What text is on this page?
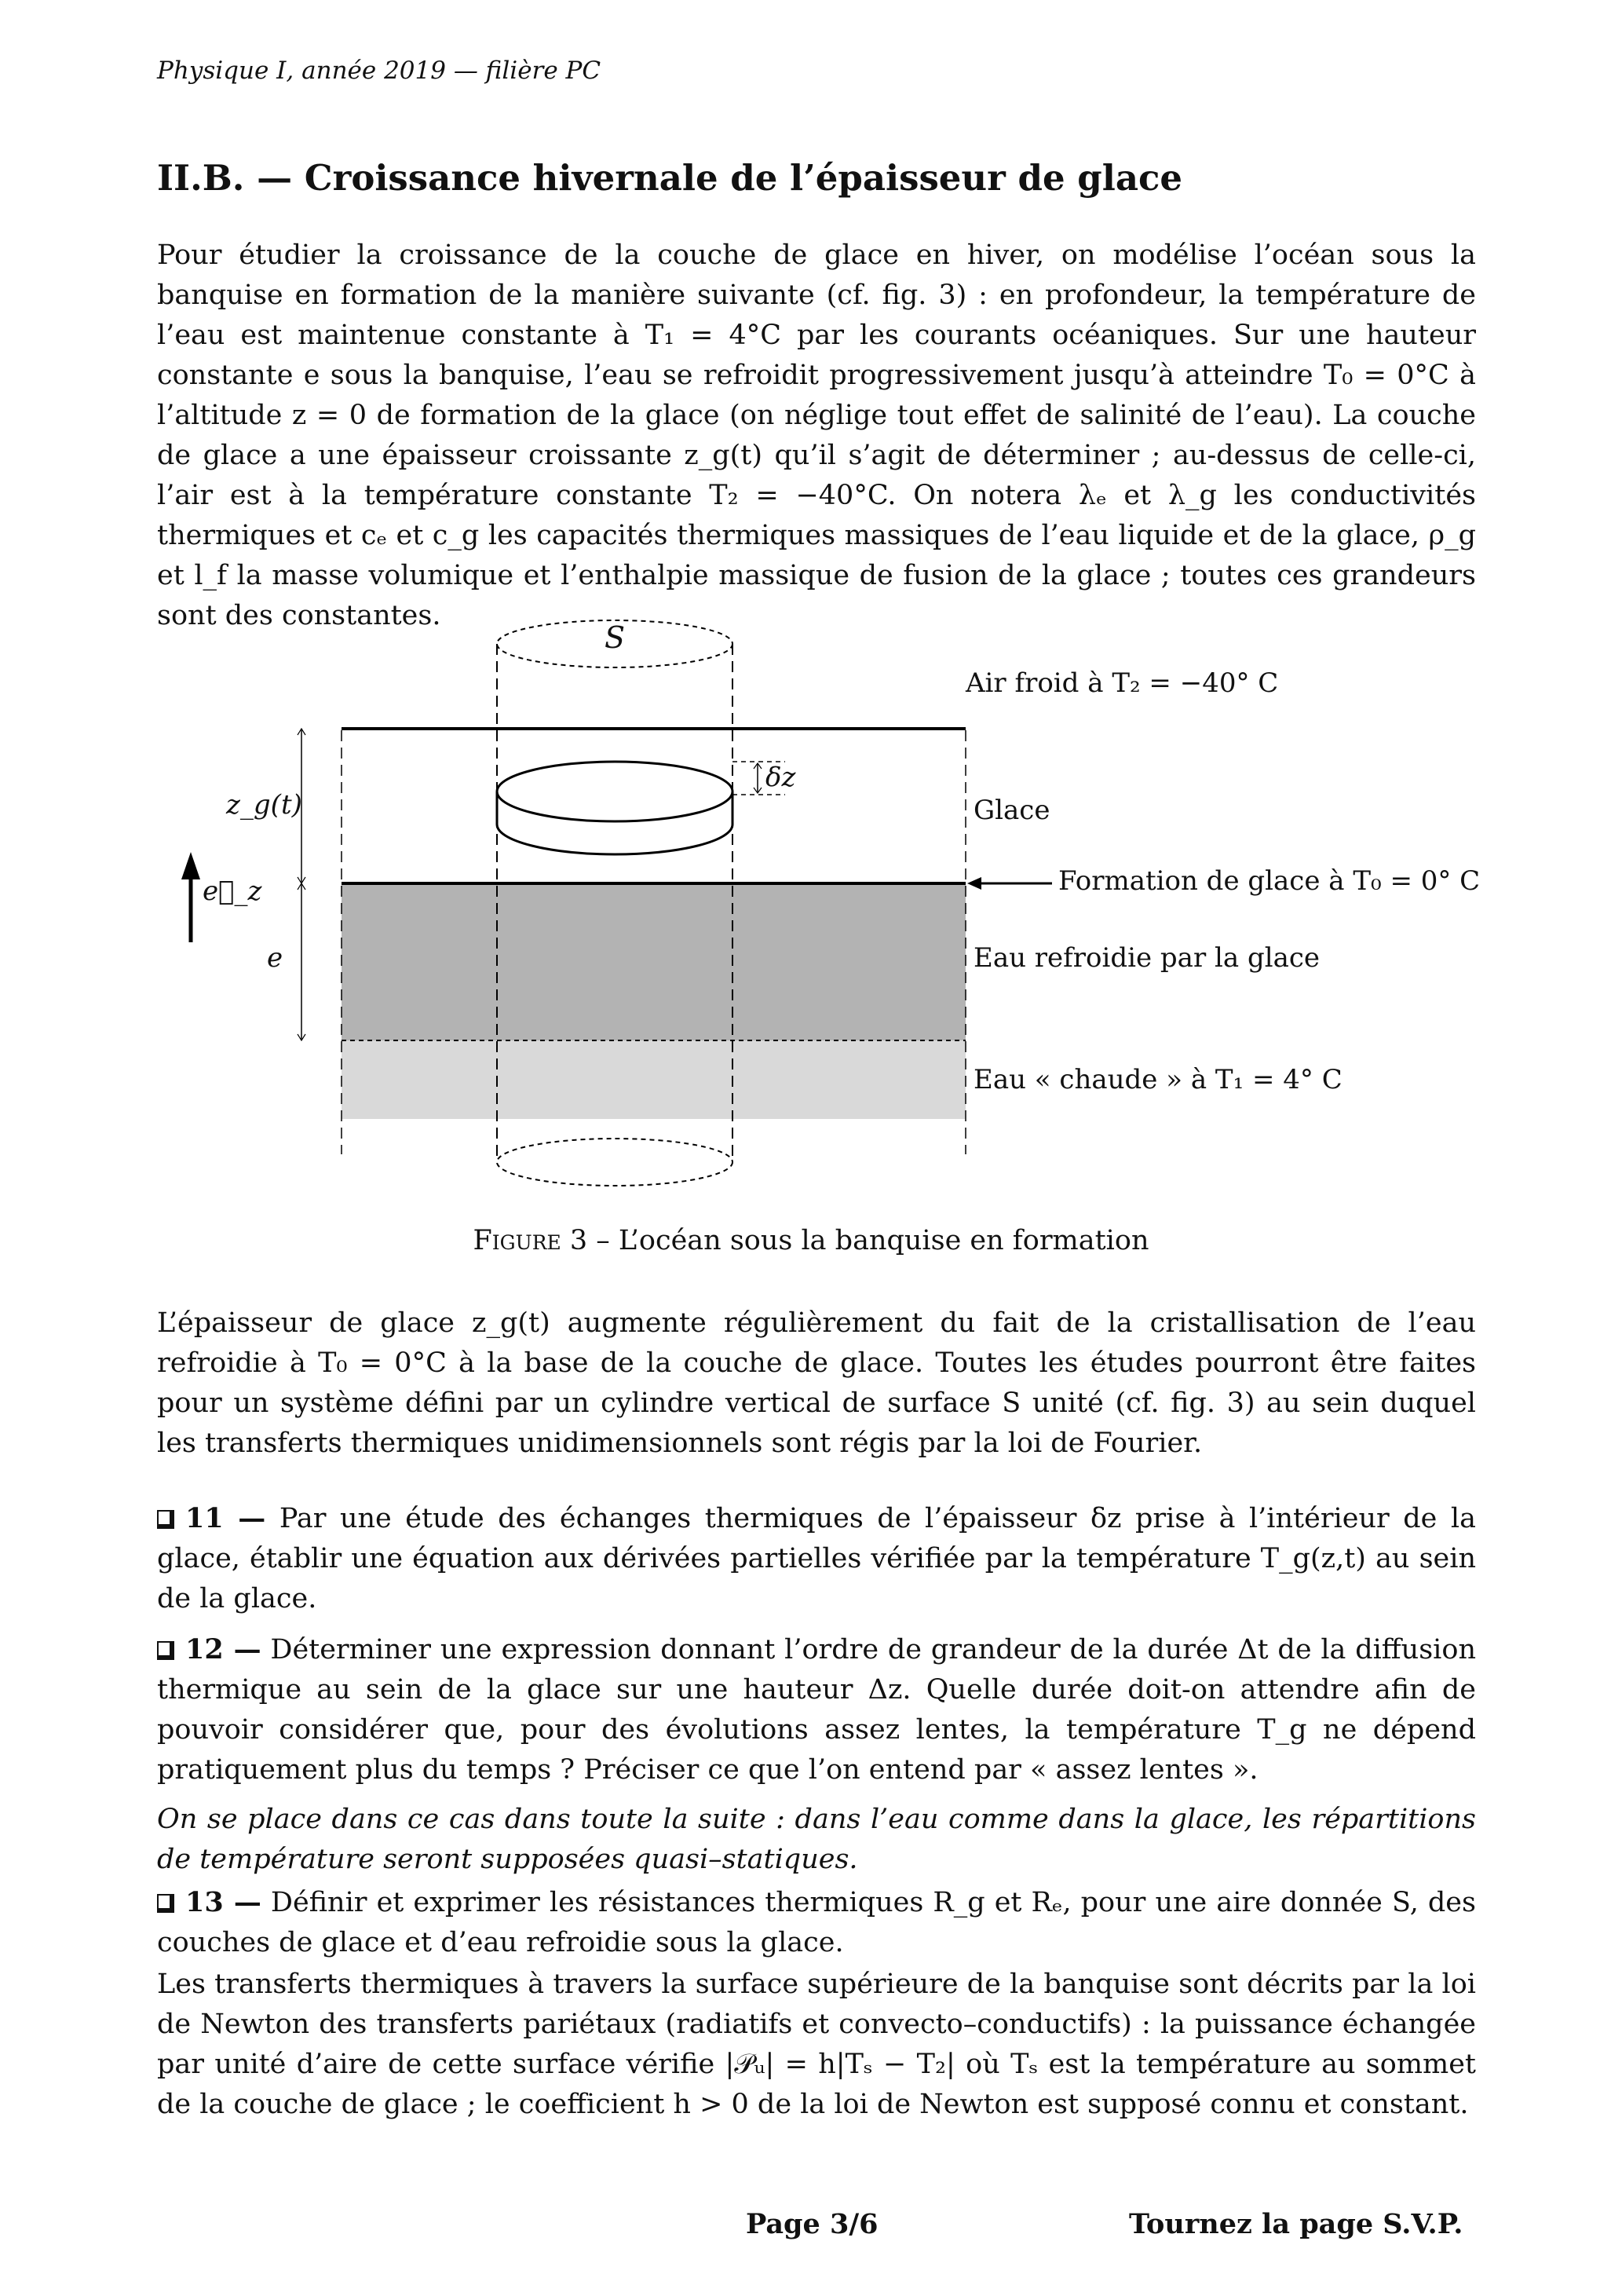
Physique I, année 2019 — filière PC
II.B. — Croissance hivernale de l’épaisseur de glace
Pour étudier la croissance de la couche de glace en hiver, on modélise l’océan sous la banquise en formation de la manière suivante (cf. fig. 3) : en profondeur, la température de l’eau est maintenue constante à T₁ = 4°C par les courants océaniques. Sur une hauteur constante e sous la banquise, l’eau se refroidit progressivement jusqu’à atteindre T₀ = 0°C à l’altitude z = 0 de formation de la glace (on néglige tout effet de salinité de l’eau). La couche de glace a une épaisseur croissante z_g(t) qu’il s’agit de déterminer ; au-dessus de celle-ci, l’air est à la température constante T₂ = −40°C. On notera λₑ et λ_g les conductivités thermiques et cₑ et c_g les capacités thermiques massiques de l’eau liquide et de la glace, ρ_g et l_f la masse volumique et l’enthalpie massique de fusion de la glace ; toutes ces grandeurs sont des constantes.
S
Air froid à T₂ = −40° C
Glace
Formation de glace à T₀ = 0° C
Eau refroidie par la glace
Eau « chaude » à T₁ = 4° C
z_g(t)
e
δz
e⃗_z
Figure 3 – L’océan sous la banquise en formation
L’épaisseur de glace z_g(t) augmente régulièrement du fait de la cristallisation de l’eau refroidie à T₀ = 0°C à la base de la couche de glace. Toutes les études pourront être faites pour un système défini par un cylindre vertical de surface S unité (cf. fig. 3) au sein duquel les transferts thermiques unidimensionnels sont régis par la loi de Fourier.
11 — Par une étude des échanges thermiques de l’épaisseur δz prise à l’intérieur de la glace, établir une équation aux dérivées partielles vérifiée par la température T_g(z,t) au sein de la glace.
12 — Déterminer une expression donnant l’ordre de grandeur de la durée Δt de la diffusion thermique au sein de la glace sur une hauteur Δz. Quelle durée doit-on attendre afin de pouvoir considérer que, pour des évolutions assez lentes, la température T_g ne dépend pratiquement plus du temps ? Préciser ce que l’on entend par « assez lentes ».
On se place dans ce cas dans toute la suite : dans l’eau comme dans la glace, les répartitions de température seront supposées quasi–statiques.
13 — Définir et exprimer les résistances thermiques R_g et Rₑ, pour une aire donnée S, des couches de glace et d’eau refroidie sous la glace.
Les transferts thermiques à travers la surface supérieure de la banquise sont décrits par la loi de Newton des transferts pariétaux (radiatifs et convecto–conductifs) : la puissance échangée par unité d’aire de cette surface vérifie |𝒫ᵤ| = h|Tₛ − T₂| où Tₛ est la température au sommet de la couche de glace ; le coefficient h > 0 de la loi de Newton est supposé connu et constant.
Page 3/6	Tournez la page S.V.P.
